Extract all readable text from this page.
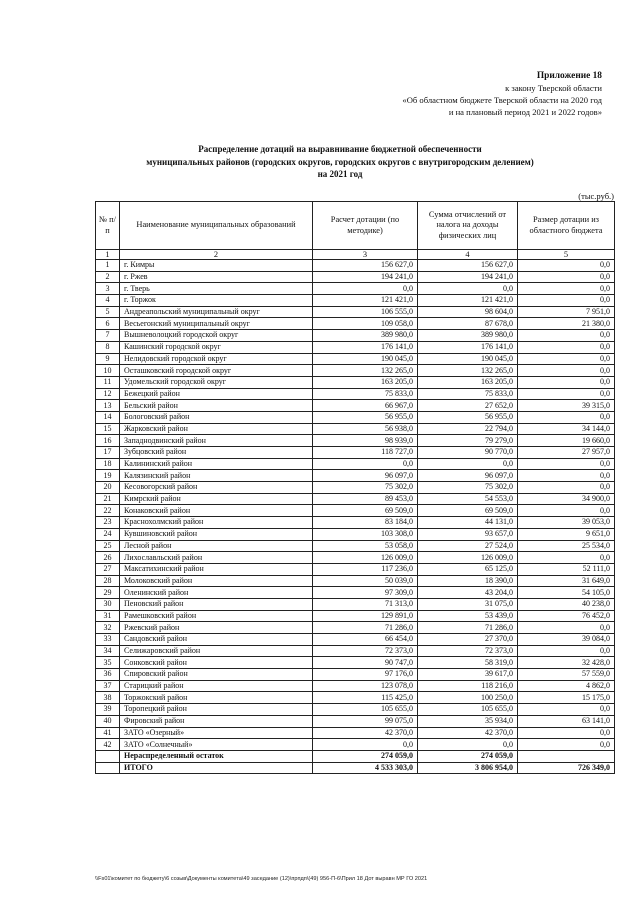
Приложение 18
к закону Тверской области
«Об областном бюджете Тверской области на 2020 год
и на плановый период 2021 и 2022 годов»
Распределение дотаций на выравнивание бюджетной обеспеченности
муниципальных районов (городских округов, городских округов с внутригородским делением)
на 2021 год
(тыс.руб.)
№ п/п	Наименование муниципальных образований	Расчет дотации (по методике)	Сумма отчислений от налога на доходы физических лиц	Размер дотации из областного бюджета
1	2	3	4	5
1	г. Кимры	156 627,0	156 627,0	0,0
2	г. Ржев	194 241,0	194 241,0	0,0
3	г. Тверь	0,0	0,0	0,0
4	г. Торжок	121 421,0	121 421,0	0,0
5	Андреапольский муниципальный округ	106 555,0	98 604,0	7 951,0
6	Весьегонский муниципальный округ	109 058,0	87 678,0	21 380,0
7	Вышневолоцкий городской округ	389 980,0	389 980,0	0,0
8	Кашинский городской округ	176 141,0	176 141,0	0,0
9	Нелидовский городской округ	190 045,0	190 045,0	0,0
10	Осташковский городской округ	132 265,0	132 265,0	0,0
11	Удомельский городской округ	163 205,0	163 205,0	0,0
12	Бежецкий район	75 833,0	75 833,0	0,0
13	Бельский район	66 967,0	27 652,0	39 315,0
14	Бологовский район	56 955,0	56 955,0	0,0
15	Жарковский район	56 938,0	22 794,0	34 144,0
16	Западнодвинский район	98 939,0	79 279,0	19 660,0
17	Зубцовский район	118 727,0	90 770,0	27 957,0
18	Калининский район	0,0	0,0	0,0
19	Калязинский район	96 097,0	96 097,0	0,0
20	Кесовогорский район	75 302,0	75 302,0	0,0
21	Кимрский район	89 453,0	54 553,0	34 900,0
22	Конаковский район	69 509,0	69 509,0	0,0
23	Краснохолмский район	83 184,0	44 131,0	39 053,0
24	Кувшиновский район	103 308,0	93 657,0	9 651,0
25	Лесной район	53 058,0	27 524,0	25 534,0
26	Лихославльский район	126 009,0	126 009,0	0,0
27	Максатихинский район	117 236,0	65 125,0	52 111,0
28	Молоковский район	50 039,0	18 390,0	31 649,0
29	Оленинский район	97 309,0	43 204,0	54 105,0
30	Пеновский район	71 313,0	31 075,0	40 238,0
31	Рамешковский район	129 891,0	53 439,0	76 452,0
32	Ржевский район	71 286,0	71 286,0	0,0
33	Сандовский район	66 454,0	27 370,0	39 084,0
34	Селижаровский район	72 373,0	72 373,0	0,0
35	Сонковский район	90 747,0	58 319,0	32 428,0
36	Спировский район	97 176,0	39 617,0	57 559,0
37	Старицкий район	123 078,0	118 216,0	4 862,0
38	Торжокский район	115 425,0	100 250,0	15 175,0
39	Торопецкий район	105 655,0	105 655,0	0,0
40	Фировский район	99 075,0	35 934,0	63 141,0
41	ЗАТО «Озерный»	42 370,0	42 370,0	0,0
42	ЗАТО «Солнечный»	0,0	0,0	0,0
	Нераспределенный остаток	274 059,0	274 059,0	
	ИТОГО	4 533 303,0	3 806 954,0	726 349,0
\\Fs01\комитет по бюджету\6 созыв\Документы комитета\49 заседание (12)\прпдп\(49) 956-П-6\Прил 18 Дот выравн МР ГО 2021
